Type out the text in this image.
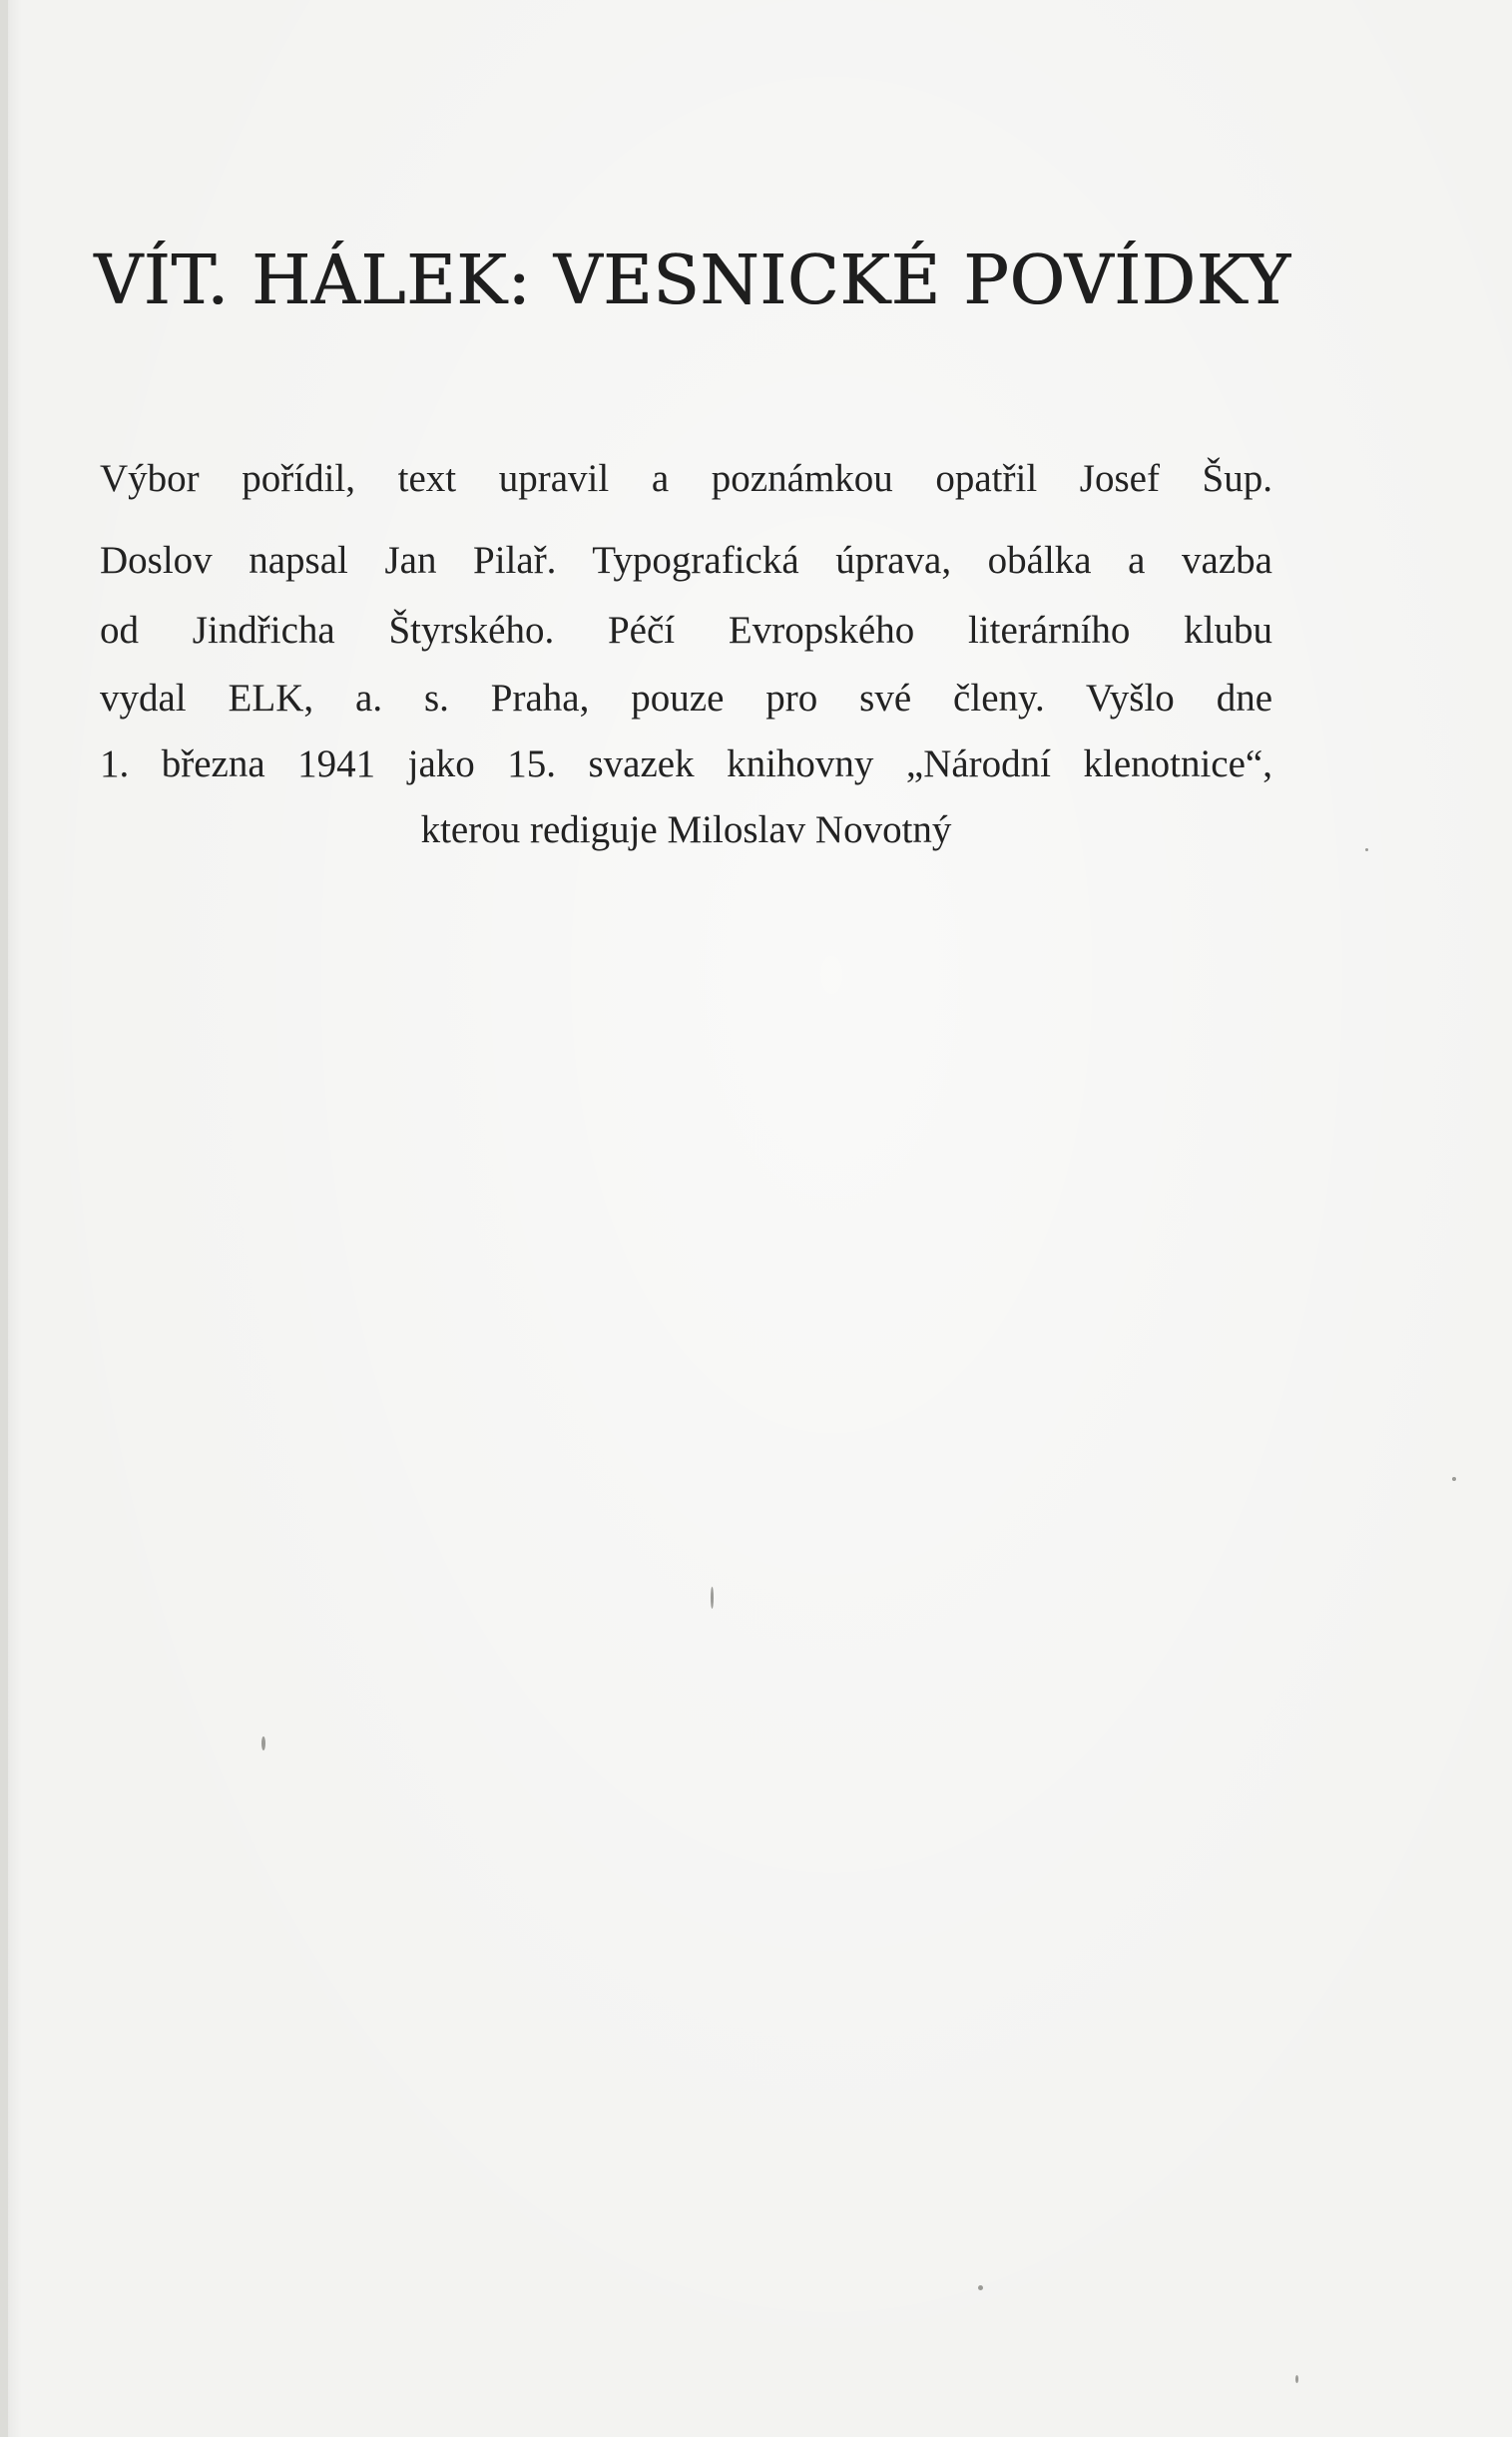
VÍT. HÁLEK: VESNICKÉ POVÍDKY
Výbor pořídil, text upravil a poznámkou opatřil Josef Šup.
Doslov napsal Jan Pilař. Typografická úprava, obálka a vazba
od Jindřicha Štyrského. Péčí Evropského literárního klubu
vydal ELK, a. s. Praha, pouze pro své členy. Vyšlo dne
1. března 1941 jako 15. svazek knihovny „Národní klenotnice“,
kterou rediguje Miloslav Novotný
